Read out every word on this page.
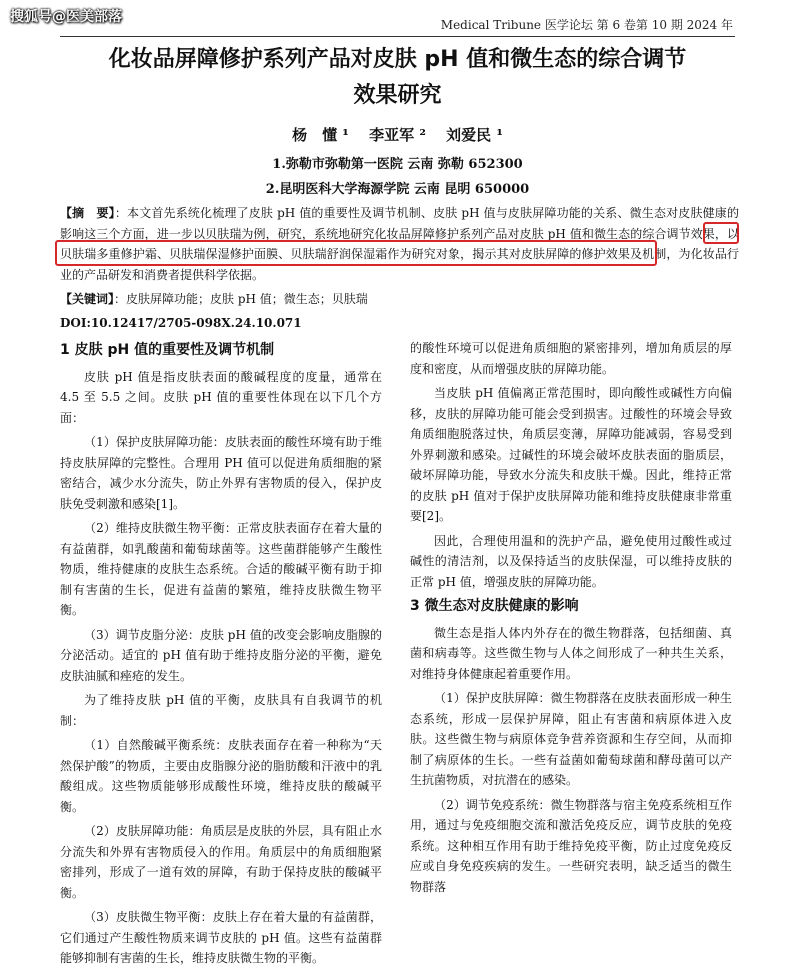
搜狐号@医美部落	Medical Tribune 医学论坛 第 6 卷第 10 期 2024 年
化妆品屏障修护系列产品对皮肤 pH 值和微生态的综合调节
效果研究
杨　懂 ¹　 李亚军 ²　 刘爱民 ¹
1.弥勒市弥勒第一医院 云南 弥勒 652300
2.昆明医科大学海源学院 云南 昆明 650000
【摘　要】：本文首先系统化梳理了皮肤 pH 值的重要性及调节机制、皮肤 pH 值与皮肤屏障功能的关系、微生态对皮肤健康的影响这三个方面，进一步以贝肤瑞为例，研究，系统地研究化妆品屏障修护系列产品对皮肤 pH 值和微生态的综合调节效果，以贝肤瑞多重修护霜、贝肤瑞保湿修护面膜、贝肤瑞舒润保湿霜作为研究对象，揭示其对皮肤屏障的修护效果及机制，为化妆品行业的产品研发和消费者提供科学依据。
【关键词】：皮肤屏障功能；皮肤 pH 值；微生态；贝肤瑞
DOI:10.12417/2705-098X.24.10.071
1 皮肤 pH 值的重要性及调节机制

皮肤 pH 值是指皮肤表面的酸碱程度的度量，通常在 4.5 至 5.5 之间。皮肤 pH 值的重要性体现在以下几个方面：

（1）保护皮肤屏障功能：皮肤表面的酸性环境有助于维持皮肤屏障的完整性。合理用 PH 值可以促进角质细胞的紧密结合，减少水分流失，防止外界有害物质的侵入，保护皮肤免受刺激和感染[1]。

（2）维持皮肤微生物平衡：正常皮肤表面存在着大量的有益菌群，如乳酸菌和葡萄球菌等。这些菌群能够产生酸性物质，维持健康的皮肤生态系统。合适的酸碱平衡有助于抑制有害菌的生长，促进有益菌的繁殖，维持皮肤微生物平衡。

（3）调节皮脂分泌：皮肤 pH 值的改变会影响皮脂腺的分泌活动。适宜的 pH 值有助于维持皮脂分泌的平衡，避免皮肤油腻和痤疮的发生。

为了维持皮肤 pH 值的平衡，皮肤具有自我调节的机制：

（1）自然酸碱平衡系统：皮肤表面存在着一种称为“天然保护酸”的物质，主要由皮脂腺分泌的脂肪酸和汗液中的乳酸组成。这些物质能够形成酸性环境，维持皮肤的酸碱平衡。

（2）皮肤屏障功能：角质层是皮肤的外层，具有阻止水分流失和外界有害物质侵入的作用。角质层中的角质细胞紧密排列，形成了一道有效的屏障，有助于保持皮肤的酸碱平衡。

（3）皮肤微生物平衡：皮肤上存在着大量的有益菌群，它们通过产生酸性物质来调节皮肤的 pH 值。这些有益菌群能够抑制有害菌的生长，维持皮肤微生物的平衡。

的酸性环境可以促进角质细胞的紧密排列，增加角质层的厚度和密度，从而增强皮肤的屏障功能。

当皮肤 pH 值偏离正常范围时，即向酸性或碱性方向偏移，皮肤的屏障功能可能会受到损害。过酸性的环境会导致角质细胞脱落过快，角质层变薄，屏障功能减弱，容易受到外界刺激和感染。过碱性的环境会破坏皮肤表面的脂质层，破坏屏障功能，导致水分流失和皮肤干燥。因此，维持正常的皮肤 pH 值对于保护皮肤屏障功能和维持皮肤健康非常重要[2]。

因此，合理使用温和的洗护产品，避免使用过酸性或过碱性的清洁剂，以及保持适当的皮肤保湿，可以维持皮肤的正常 pH 值，增强皮肤的屏障功能。

3 微生态对皮肤健康的影响

微生态是指人体内外存在的微生物群落，包括细菌、真菌和病毒等。这些微生物与人体之间形成了一种共生关系，对维持身体健康起着重要作用。

（1）保护皮肤屏障：微生物群落在皮肤表面形成一种生态系统，形成一层保护屏障，阻止有害菌和病原体进入皮肤。这些微生物与病原体竞争营养资源和生存空间，从而抑制了病原体的生长。一些有益菌如葡萄球菌和酵母菌可以产生抗菌物质，对抗潜在的感染。

（2）调节免疫系统：微生物群落与宿主免疫系统相互作用，通过与免疫细胞交流和激活免疫反应，调节皮肤的免疫系统。这种相互作用有助于维持免疫平衡，防止过度免疫反应或自身免疫疾病的发生。一些研究表明，缺乏适当的微生物群落
